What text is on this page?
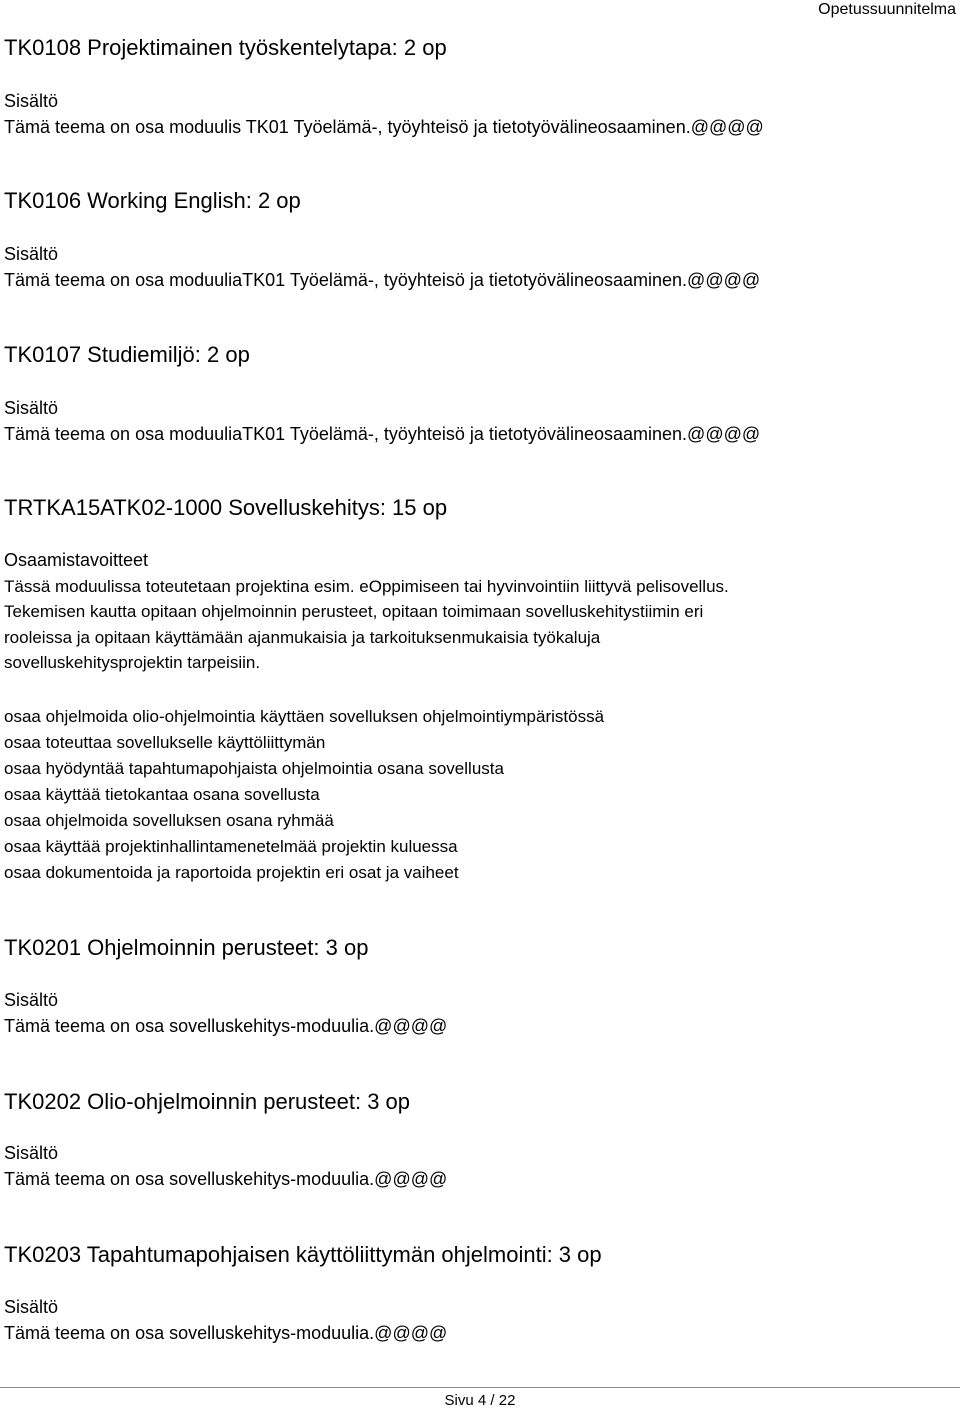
Opetussuunnitelma
TK0108 Projektimainen työskentelytapa: 2 op
Sisältö
Tämä teema on osa moduulis TK01 Työelämä-, työyhteisö ja tietotyövälineosaaminen.@@@@
TK0106 Working English: 2 op
Sisältö
Tämä teema on osa moduuliaTK01 Työelämä-, työyhteisö ja tietotyövälineosaaminen.@@@@
TK0107 Studiemiljö: 2 op
Sisältö
Tämä teema on osa moduuliaTK01 Työelämä-, työyhteisö ja tietotyövälineosaaminen.@@@@
TRTKA15ATK02-1000 Sovelluskehitys: 15 op
Osaamistavoitteet
Tässä moduulissa toteutetaan projektina esim. eOppimiseen tai hyvinvointiin liittyvä pelisovellus.
Tekemisen kautta opitaan ohjelmoinnin perusteet, opitaan toimimaan sovelluskehitystiimin eri
rooleissa ja opitaan käyttämään ajanmukaisia ja tarkoituksenmukaisia työkaluja
sovelluskehitysprojektin tarpeisiin.
osaa ohjelmoida olio-ohjelmointia käyttäen sovelluksen ohjelmointiympäristössä
osaa toteuttaa sovellukselle käyttöliittymän
osaa hyödyntää tapahtumapohjaista ohjelmointia osana sovellusta
osaa käyttää tietokantaa osana sovellusta
osaa ohjelmoida sovelluksen osana ryhmää
osaa käyttää projektinhallintamenetelmää projektin kuluessa
osaa dokumentoida ja raportoida projektin eri osat ja vaiheet
TK0201 Ohjelmoinnin perusteet: 3 op
Sisältö
Tämä teema on osa sovelluskehitys-moduulia.@@@@
TK0202 Olio-ohjelmoinnin perusteet: 3 op
Sisältö
Tämä teema on osa sovelluskehitys-moduulia.@@@@
TK0203 Tapahtumapohjaisen käyttöliittymän ohjelmointi: 3 op
Sisältö
Tämä teema on osa sovelluskehitys-moduulia.@@@@
Sivu 4 / 22
